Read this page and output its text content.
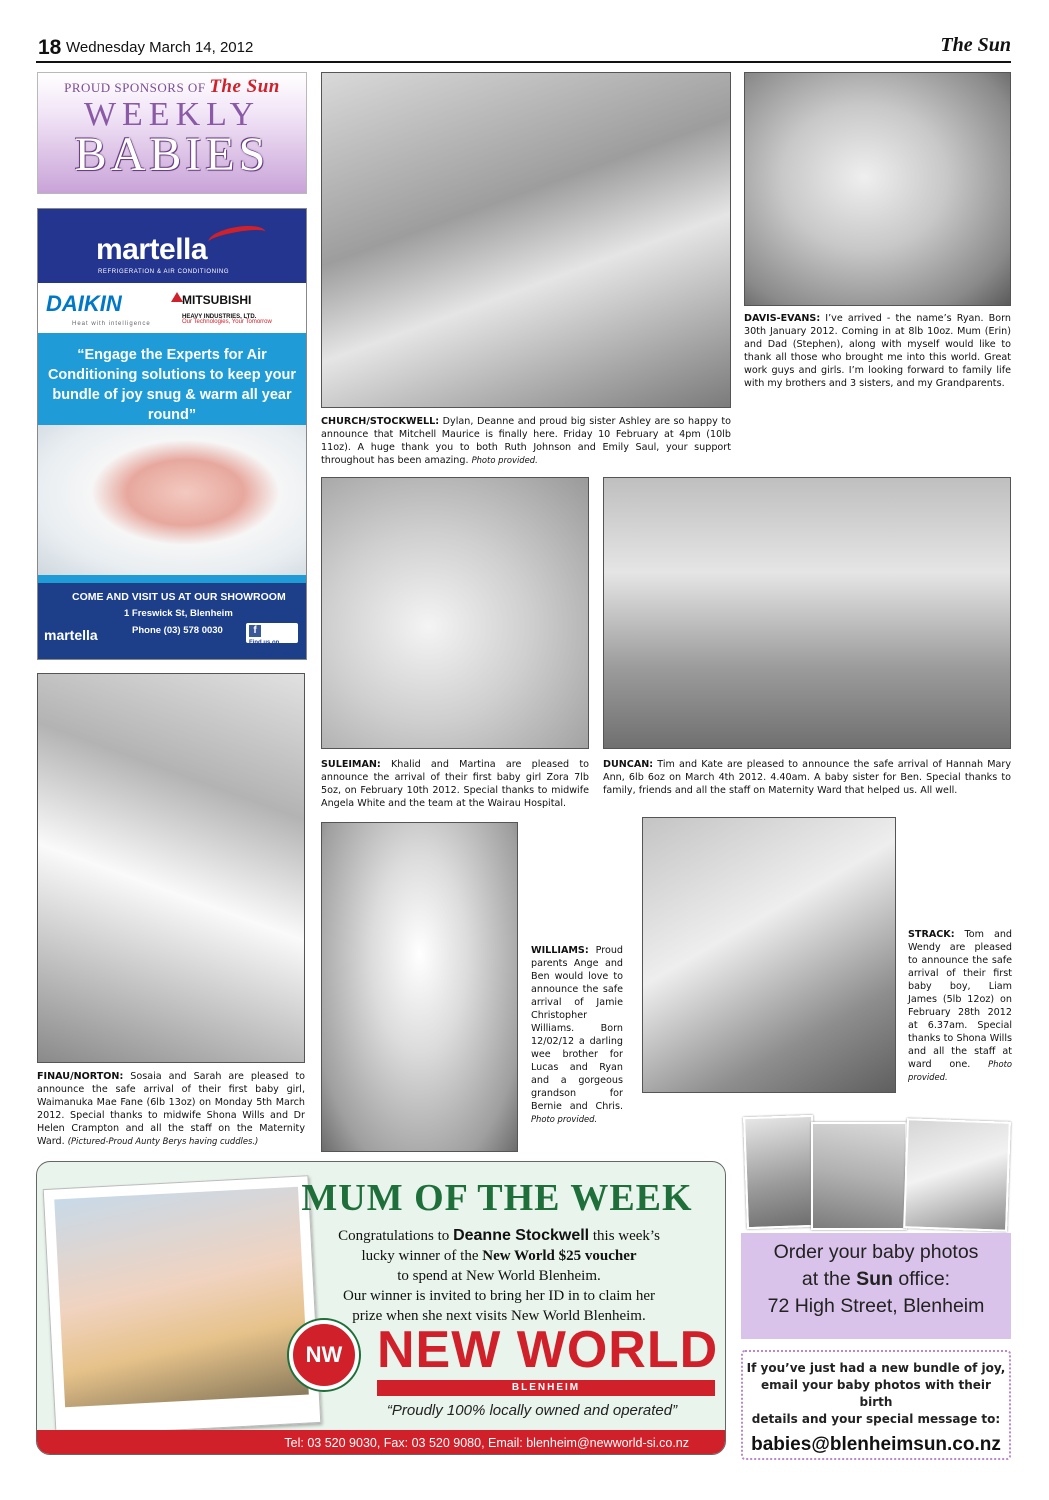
18 Wednesday March 14, 2012	The Sun
PROUD SPONSORS OF The Sun
WEEKLY
BABIES
martella
REFRIGERATION & AIR CONDITIONING
DAIKIN
Heat with intelligence
MITSUBISHI
HEAVY INDUSTRIES, LTD.
Our Technologies, Your Tomorrow
“Engage the Experts for Air Conditioning solutions to keep your bundle of joy snug & warm all year round”
COME AND VISIT US AT OUR SHOWROOM
1 Freswick St, Blenheim
Phone (03) 578 0030
martella	fFind us on
Facebook
CHURCH/STOCKWELL: Dylan, Deanne and proud big sister Ashley are so happy to announce that Mitchell Maurice is finally here. Friday 10 February at 4pm (10lb 11oz). A huge thank you to both Ruth Johnson and Emily Saul, your support throughout has been amazing. Photo provided.
DAVIS-EVANS: I’ve arrived - the name’s Ryan. Born 30th January 2012. Coming in at 8lb 10oz. Mum (Erin) and Dad (Stephen), along with myself would like to thank all those who brought me into this world. Great work guys and girls. I’m looking forward to family life with my brothers and 3 sisters, and my Grandparents.
SULEIMAN: Khalid and Martina are pleased to announce the arrival of their first baby girl Zora 7lb 5oz, on February 10th 2012. Special thanks to midwife Angela White and the team at the Wairau Hospital.
DUNCAN: Tim and Kate are pleased to announce the safe arrival of Hannah Mary Ann, 6lb 6oz on March 4th 2012. 4.40am. A baby sister for Ben. Special thanks to family, friends and all the staff on Maternity Ward that helped us. All well.
FINAU/NORTON: Sosaia and Sarah are pleased to announce the safe arrival of their first baby girl, Waimanuka Mae Fane (6lb 13oz) on Monday 5th March 2012. Special thanks to midwife Shona Wills and Dr Helen Crampton and all the staff on the Maternity Ward. (Pictured-Proud Aunty Berys having cuddles.)
WILLIAMS: Proud parents Ange and Ben would love to announce the safe arrival of Jamie Christopher Williams. Born 12/02/12 a darling wee brother for Lucas and Ryan and a gorgeous grandson for Bernie and Chris. Photo provided.
STRACK: Tom and Wendy are pleased to announce the safe arrival of their first baby boy, Liam James (5lb 12oz) on February 28th 2012 at 6.37am. Special thanks to Shona Wills and all the staff at ward one. Photo provided.
MUM OF THE WEEK
Congratulations to Deanne Stockwell this week’s
lucky winner of the New World $25 voucher
to spend at New World Blenheim.
Our winner is invited to bring her ID in to claim her
prize when she next visits New World Blenheim.
NW NEW WORLD
BLENHEIM
“Proudly 100% locally owned and operated”
Tel: 03 520 9030, Fax: 03 520 9080, Email: blenheim@newworld-si.co.nz
Order your baby photos
at the Sun office:
72 High Street, Blenheim
If you’ve just had a new bundle of joy,
email your baby photos with their birth
details and your special message to:
babies@blenheimsun.co.nz
